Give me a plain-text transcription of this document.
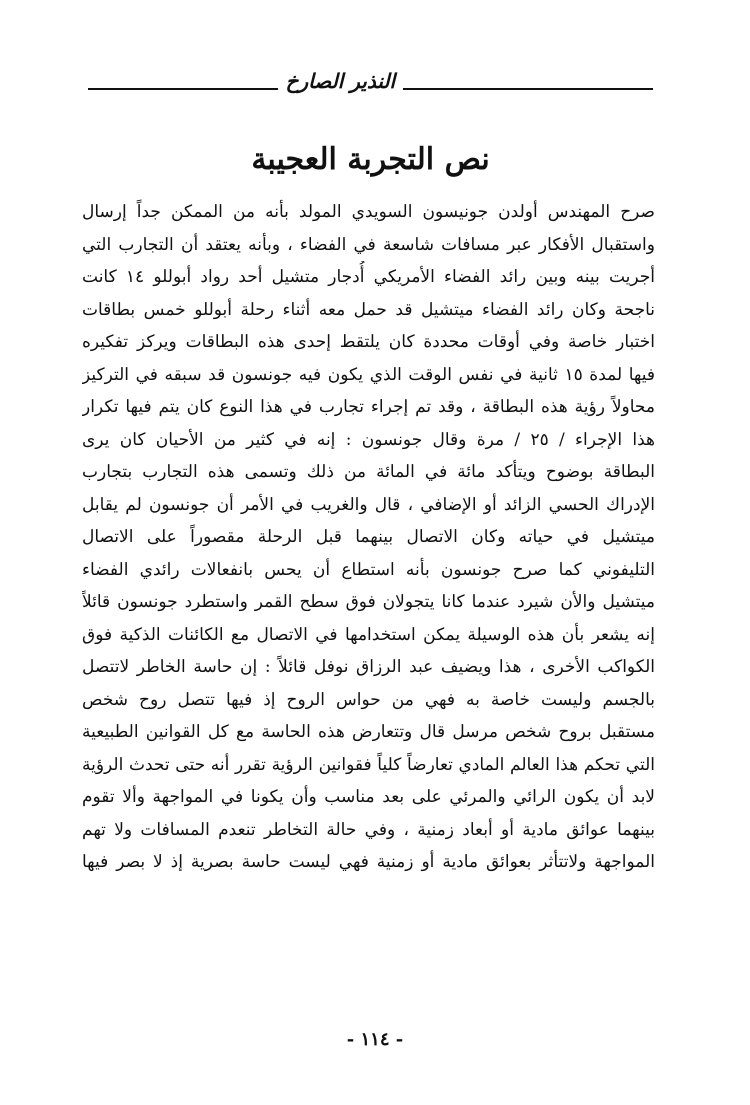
النذير الصارخ
نص التجربة العجيبة
صرح المهندس أولدن جونيسون السويدي المولد بأنه من الممكن جداً إرسال
واستقبال الأفكار عبر مسافات شاسعة في الفضاء ، وبأنه يعتقد أن التجارب التي
أجريت بينه وبين رائد الفضاء الأمريكي أُدجار متشيل أحد رواد أبوللو ١٤ كانت
ناجحة وكان رائد الفضاء ميتشيل قد حمل معه أثناء رحلة أبوللو خمس بطاقات
اختبار خاصة وفي أوقات محددة كان يلتقط إحدى هذه البطاقات ويركز تفكيره
فيها لمدة ١٥ ثانية في نفس الوقت الذي يكون فيه جونسون قد سبقه في التركيز
محاولاً رؤية هذه البطاقة ، وقد تم إجراء تجارب في هذا النوع كان يتم فيها تكرار
هذا الإجراء / ٢٥ / مرة وقال جونسون : إنه في كثير من الأحيان كان يرى
البطاقة بوضوح ويتأكد مائة في المائة من ذلك وتسمى هذه التجارب بتجارب
الإدراك الحسي الزائد أو الإضافي ، قال والغريب في الأمر أن جونسون لم يقابل
ميتشيل في حياته وكان الاتصال بينهما قبل الرحلة مقصوراً على الاتصال
التليفوني كما صرح جونسون بأنه استطاع أن يحس بانفعالات رائدي الفضاء
ميتشيل والأن شيرد عندما كانا يتجولان فوق سطح القمر واستطرد جونسون قائلاً
إنه يشعر بأن هذه الوسيلة يمكن استخدامها في الاتصال مع الكائنات الذكية فوق
الكواكب الأخرى ، هذا ويضيف عبد الرزاق نوفل قائلاً : إن حاسة الخاطر لاتتصل
بالجسم وليست خاصة به فهي من حواس الروح إذ فيها تتصل روح شخص
مستقبل بروح شخص مرسل قال وتتعارض هذه الحاسة مع كل القوانين الطبيعية
التي تحكم هذا العالم المادي تعارضاً كلياً فقوانين الرؤية تقرر أنه حتى تحدث الرؤية
لابد أن يكون الرائي والمرئي على بعد مناسب وأن يكونا في المواجهة وألا تقوم
بينهما عوائق مادية أو أبعاد زمنية ، وفي حالة التخاطر تنعدم المسافات ولا تهم
المواجهة ولاتتأثر بعوائق مادية أو زمنية فهي ليست حاسة بصرية إذ لا بصر فيها
- ١١٤ -
